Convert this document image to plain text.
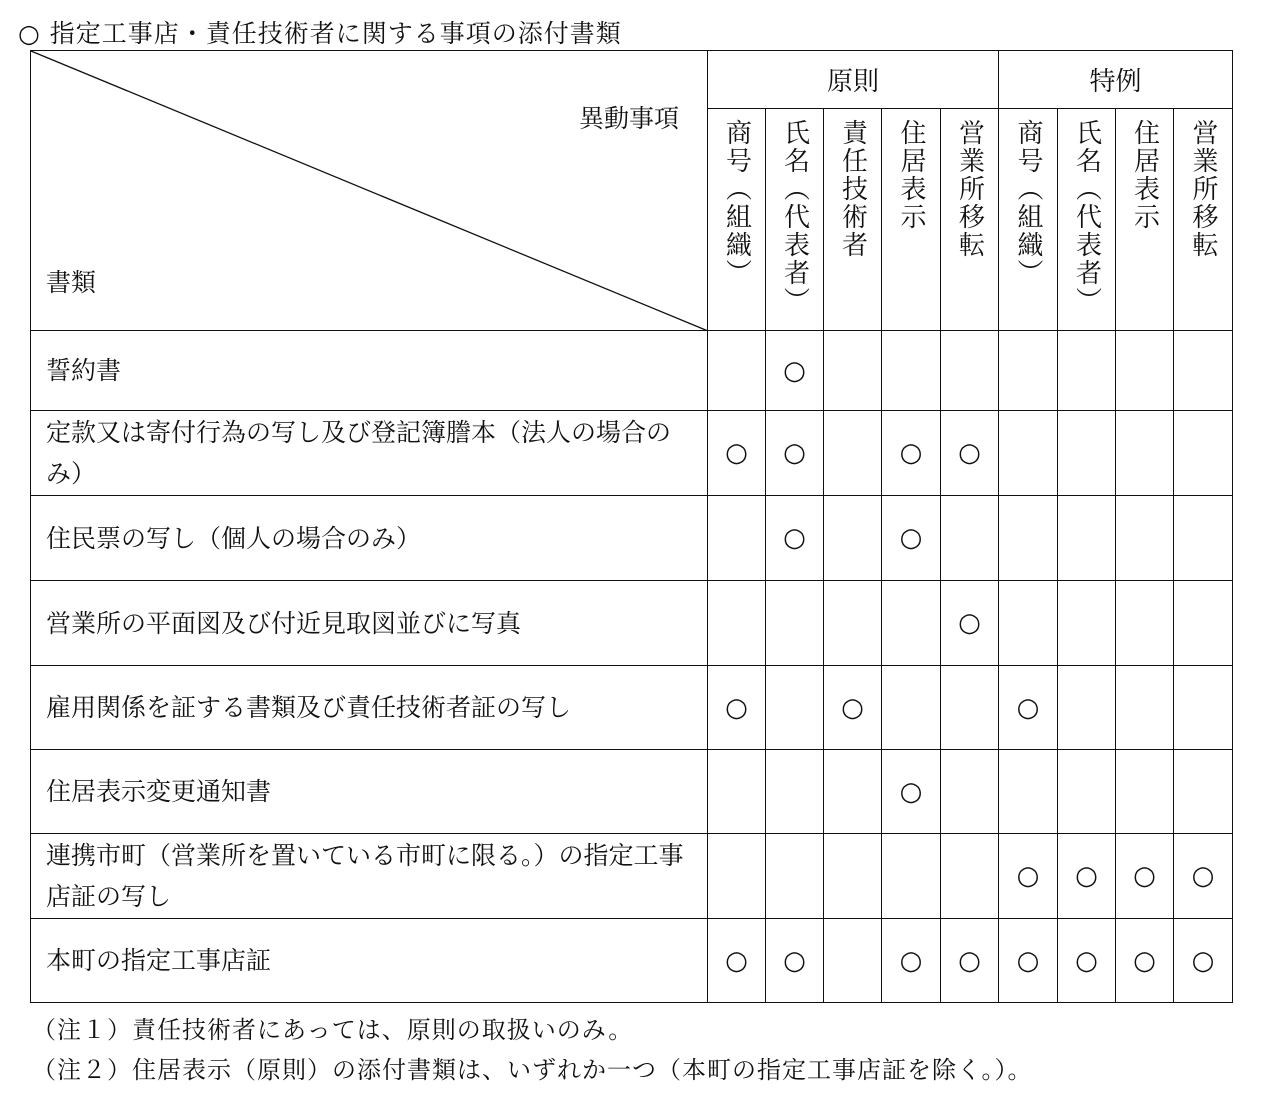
○ 指定工事店・責任技術者に関する事項の添付書類
異動事項
書類	原則					特例			

	商号（組織）	氏名（代表者）	責任技術者	住居表示	営業所移転	商号（組織）	氏名（代表者）	住居表示	営業所移転

誓約書		○							
定款又は寄付行為の写し及び登記簿謄本（法人の場合のみ）	○	○		○	○				
住民票の写し（個人の場合のみ）		○		○					
営業所の平面図及び付近見取図並びに写真					○				
雇用関係を証する書類及び責任技術者証の写し	○		○			○			
住居表示変更通知書				○					
連携市町（営業所を置いている市町に限る。）の指定工事店証の写し						○	○	○	○
本町の指定工事店証	○	○		○	○	○	○	○	○
（注１）責任技術者にあっては、原則の取扱いのみ。
（注２）住居表示（原則）の添付書類は、いずれか一つ（本町の指定工事店証を除く。）。
